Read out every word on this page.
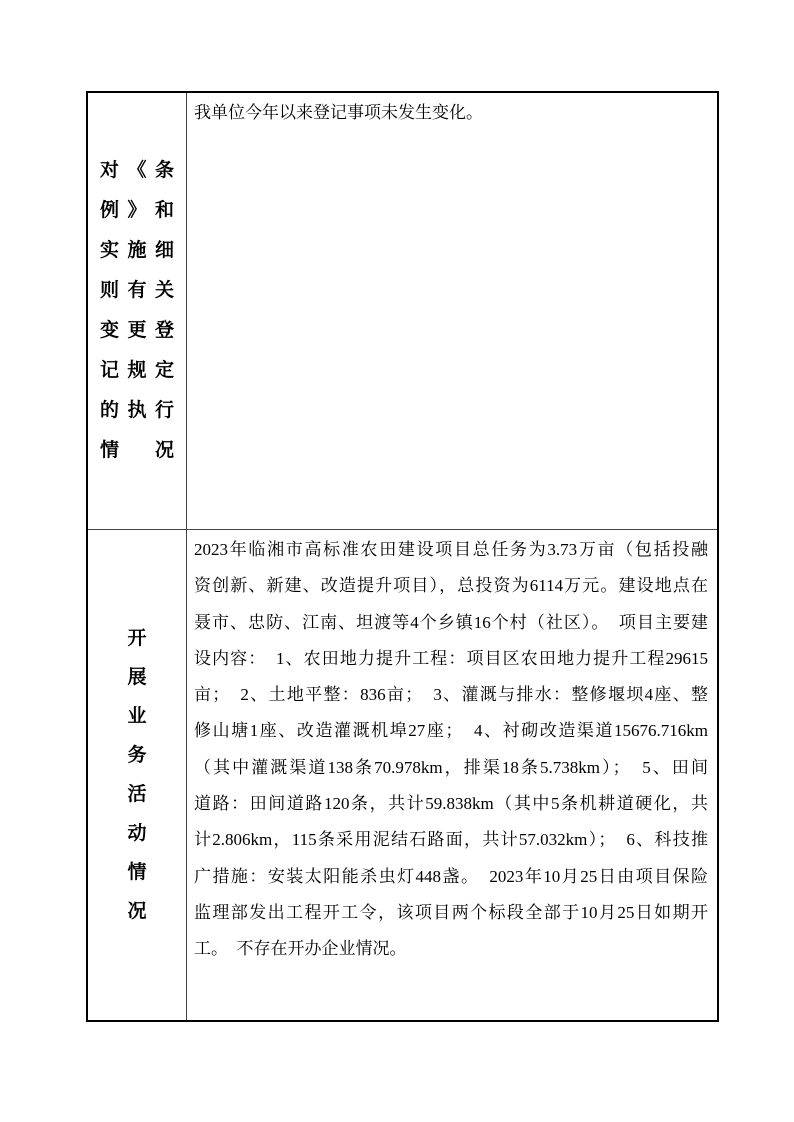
对《条
例》和
实施细
则有关
变更登
记规定
的执行
情　况
我单位今年以来登记事项未发生变化。
开
展
业
务
活
动
情
况
2023年临湘市高标准农田建设项目总任务为3.73万亩（包括投融
资创新、新建、改造提升项目），总投资为6114万元。建设地点在
聂市、忠防、江南、坦渡等4个乡镇16个村（社区）。　项目主要建
设内容：　1、农田地力提升工程：项目区农田地力提升工程29615
亩；　2、土地平整：836亩；　3、灌溉与排水：整修堰坝4座、整
修山塘1座、改造灌溉机埠27座；　4、衬砌改造渠道15676.716km
（其中灌溉渠道138条70.978km，排渠18条5.738km）；　5、田间
道路：田间道路120条，共计59.838km（其中5条机耕道硬化，共
计2.806km，115条采用泥结石路面，共计57.032km）；　6、科技推
广措施：安装太阳能杀虫灯448盏。　2023年10月25日由项目保险
监理部发出工程开工令，该项目两个标段全部于10月25日如期开
工。　不存在开办企业情况。
